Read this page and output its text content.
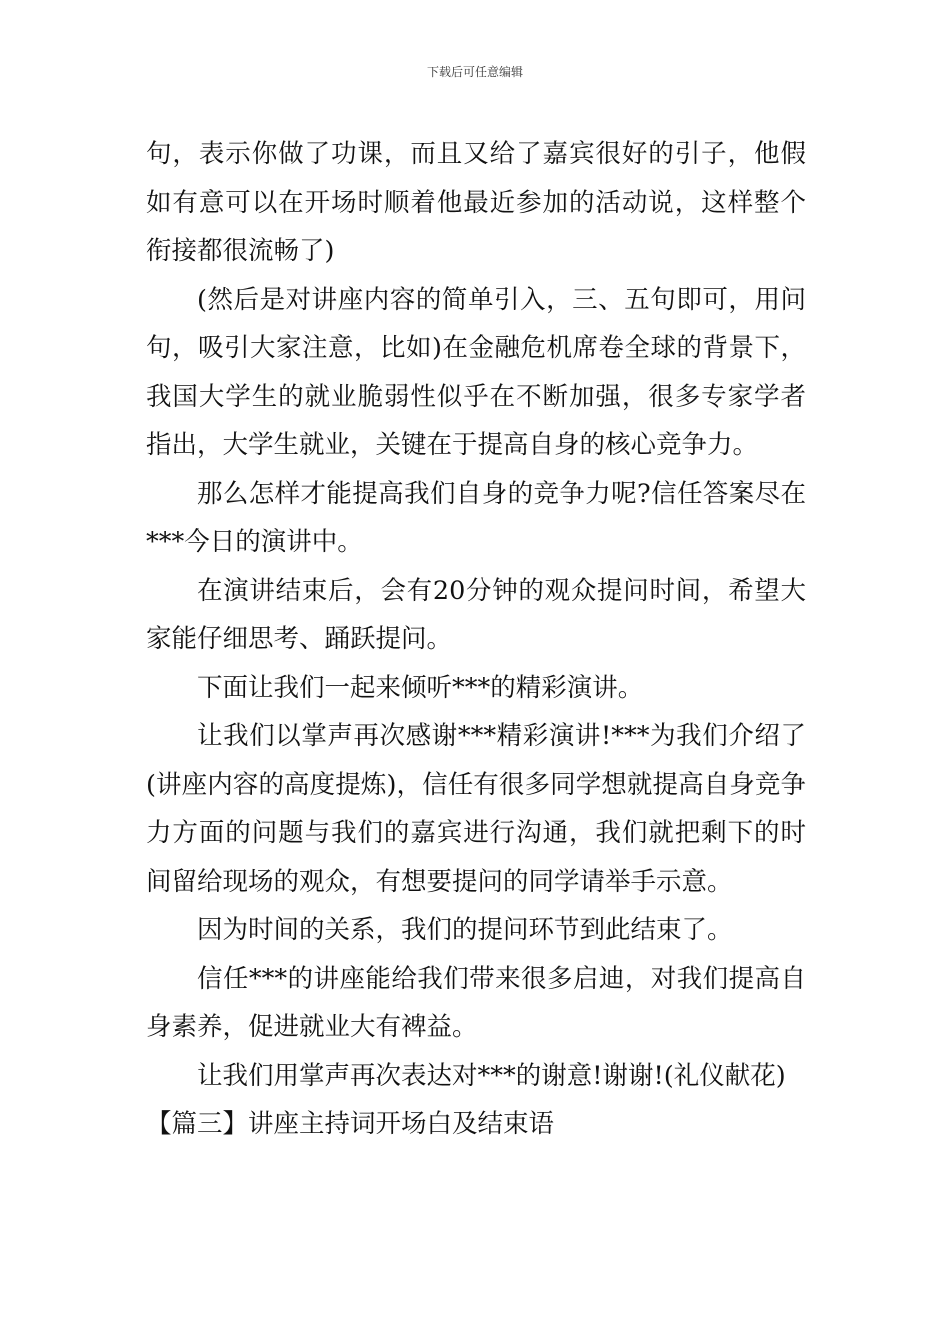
下载后可任意编辑

句，表示你做了功课，而且又给了嘉宾很好的引子，他假如有意可以在开场时顺着他最近参加的活动说，这样整个衔接都很流畅了)

(然后是对讲座内容的简单引入，三、五句即可，用问句，吸引大家注意，比如)在金融危机席卷全球的背景下，我国大学生的就业脆弱性似乎在不断加强，很多专家学者指出，大学生就业，关键在于提高自身的核心竞争力。

那么怎样才能提高我们自身的竞争力呢?信任答案尽在***今日的演讲中。

在演讲结束后，会有20分钟的观众提问时间，希望大家能仔细思考、踊跃提问。

下面让我们一起来倾听***的精彩演讲。

让我们以掌声再次感谢***精彩演讲!***为我们介绍了(讲座内容的高度提炼)，信任有很多同学想就提高自身竞争力方面的问题与我们的嘉宾进行沟通，我们就把剩下的时间留给现场的观众，有想要提问的同学请举手示意。

因为时间的关系，我们的提问环节到此结束了。

信任***的讲座能给我们带来很多启迪，对我们提高自身素养，促进就业大有裨益。

让我们用掌声再次表达对***的谢意!谢谢!(礼仪献花)

【篇三】讲座主持词开场白及结束语
